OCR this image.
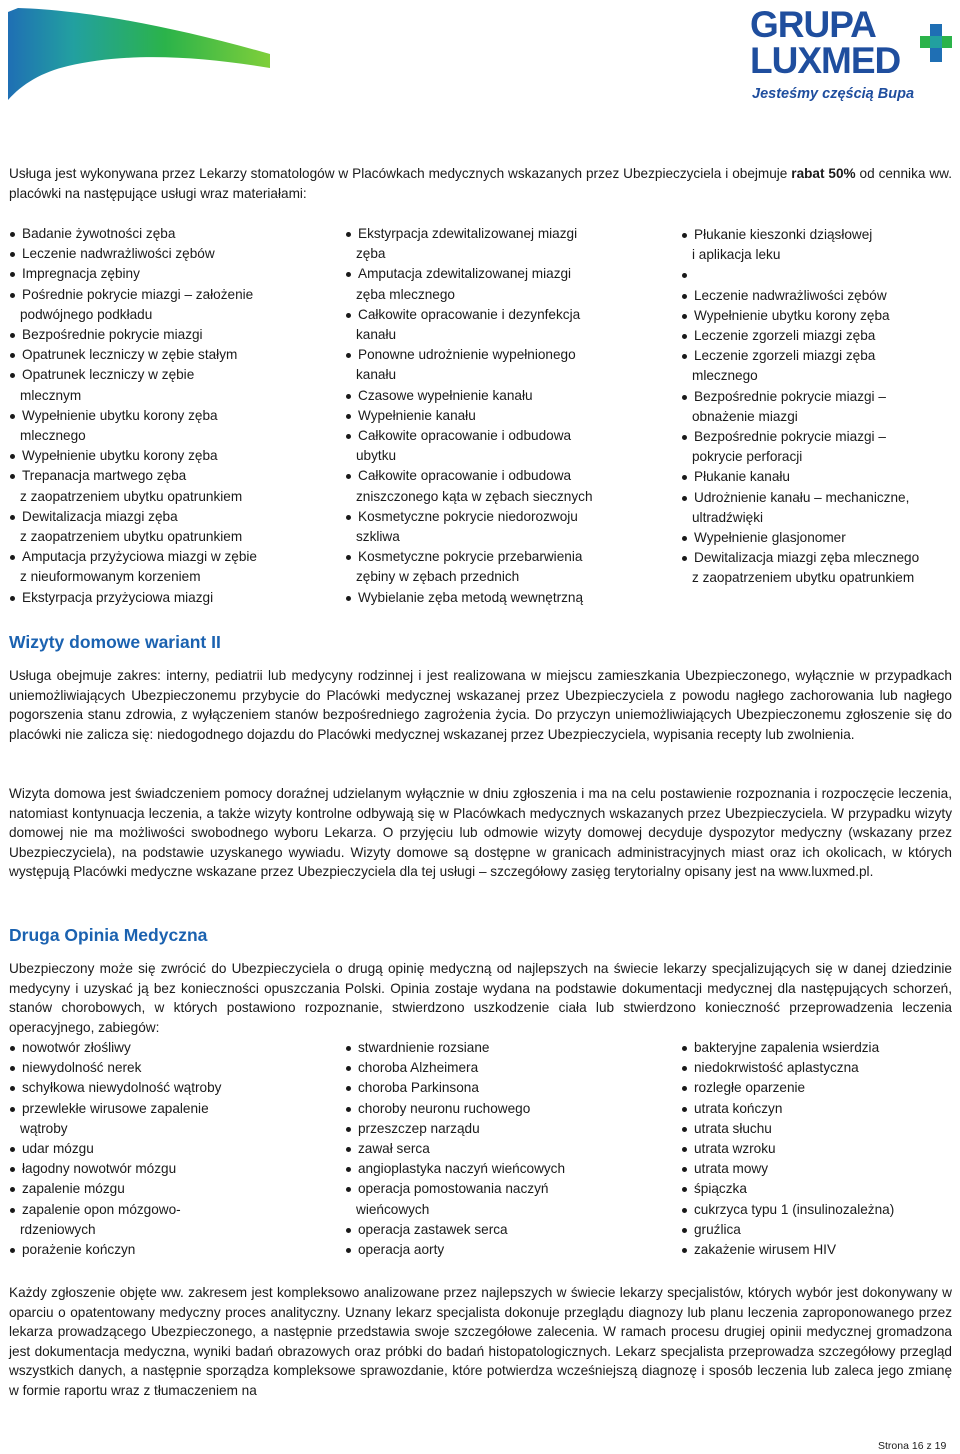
GRUPA
LUXMED
Jesteśmy częścią Bupa
Usługa jest wykonywana przez Lekarzy stomatologów w Placówkach medycznych wskazanych przez Ubezpieczyciela i obejmuje rabat 50% od cennika ww. placówki na następujące usługi wraz materiałami:
Badanie żywotności zęba
Leczenie nadwrażliwości zębów
Impregnacja zębiny
Pośrednie pokrycie miazgi – założenie
podwójnego podkładu
Bezpośrednie pokrycie miazgi
Opatrunek leczniczy w zębie stałym
Opatrunek leczniczy w zębie
mlecznym
Wypełnienie ubytku korony zęba
mlecznego
Wypełnienie ubytku korony zęba
Trepanacja martwego zęba
z zaopatrzeniem ubytku opatrunkiem
Dewitalizacja miazgi zęba
z zaopatrzeniem ubytku opatrunkiem
Amputacja przyżyciowa miazgi w zębie
z nieuformowanym korzeniem
Ekstyrpacja przyżyciowa miazgi
Ekstyrpacja zdewitalizowanej miazgi
zęba
Amputacja zdewitalizowanej miazgi
zęba mlecznego
Całkowite opracowanie i dezynfekcja
kanału
Ponowne udrożnienie wypełnionego
kanału
Czasowe wypełnienie kanału
Wypełnienie kanału
Całkowite opracowanie i odbudowa
ubytku
Całkowite opracowanie i odbudowa
zniszczonego kąta w zębach siecznych
Kosmetyczne pokrycie niedorozwoju
szkliwa
Kosmetyczne pokrycie przebarwienia
zębiny w zębach przednich
Wybielanie zęba metodą wewnętrzną
Płukanie kieszonki dziąsłowej
i aplikacja leku
Leczenie nadwrażliwości zębów
Wypełnienie ubytku korony zęba
Leczenie zgorzeli miazgi zęba
Leczenie zgorzeli miazgi zęba
mlecznego
Bezpośrednie pokrycie miazgi –
obnażenie miazgi
Bezpośrednie pokrycie miazgi –
pokrycie perforacji
Płukanie kanału
Udrożnienie kanału – mechaniczne,
ultradźwięki
Wypełnienie glasjonomer
Dewitalizacja miazgi zęba mlecznego
z zaopatrzeniem ubytku opatrunkiem
Wizyty domowe wariant II
Usługa obejmuje zakres: interny, pediatrii lub medycyny rodzinnej i jest realizowana w miejscu zamieszkania Ubezpieczonego, wyłącznie w przypadkach uniemożliwiających Ubezpieczonemu przybycie do Placówki medycznej wskazanej przez Ubezpieczyciela z powodu nagłego zachorowania lub nagłego pogorszenia stanu zdrowia, z wyłączeniem stanów bezpośredniego zagrożenia życia. Do przyczyn uniemożliwiających Ubezpieczonemu zgłoszenie się do placówki nie zalicza się: niedogodnego dojazdu do Placówki medycznej wskazanej przez Ubezpieczyciela, wypisania recepty lub zwolnienia.
Wizyta domowa jest świadczeniem pomocy doraźnej udzielanym wyłącznie w dniu zgłoszenia i ma na celu postawienie rozpoznania i rozpoczęcie leczenia, natomiast kontynuacja leczenia, a także wizyty kontrolne odbywają się w Placówkach medycznych wskazanych przez Ubezpieczyciela. W przypadku wizyty domowej nie ma możliwości swobodnego wyboru Lekarza. O przyjęciu lub odmowie wizyty domowej decyduje dyspozytor medyczny (wskazany przez Ubezpieczyciela), na podstawie uzyskanego wywiadu. Wizyty domowe są dostępne w granicach administracyjnych miast oraz ich okolicach, w których występują Placówki medyczne wskazane przez Ubezpieczyciela dla tej usługi – szczegółowy zasięg terytorialny opisany jest na www.luxmed.pl.
Druga Opinia Medyczna
Ubezpieczony może się zwrócić do Ubezpieczyciela o drugą opinię medyczną od najlepszych na świecie lekarzy specjalizujących się w danej dziedzinie medycyny i uzyskać ją bez konieczności opuszczania Polski. Opinia zostaje wydana na podstawie dokumentacji medycznej dla następujących schorzeń, stanów chorobowych, w których postawiono rozpoznanie, stwierdzono uszkodzenie ciała lub stwierdzono konieczność przeprowadzenia leczenia operacyjnego, zabiegów:
nowotwór złośliwy
niewydolność nerek
schyłkowa niewydolność wątroby
przewlekłe wirusowe zapalenie
wątroby
udar mózgu
łagodny nowotwór mózgu
zapalenie mózgu
zapalenie opon mózgowo-
rdzeniowych
porażenie kończyn
stwardnienie rozsiane
choroba Alzheimera
choroba Parkinsona
choroby neuronu ruchowego
przeszczep narządu
zawał serca
angioplastyka naczyń wieńcowych
operacja pomostowania naczyń
wieńcowych
operacja zastawek serca
operacja aorty
bakteryjne zapalenia wsierdzia
niedokrwistość aplastyczna
rozległe oparzenie
utrata kończyn
utrata słuchu
utrata wzroku
utrata mowy
śpiączka
cukrzyca typu 1 (insulinozależna)
gruźlica
zakażenie wirusem HIV
Każdy zgłoszenie objęte ww. zakresem jest kompleksowo analizowane przez najlepszych w świecie lekarzy specjalistów, których wybór jest dokonywany w oparciu o opatentowany medyczny proces analityczny. Uznany lekarz specjalista dokonuje przeglądu diagnozy lub planu leczenia zaproponowanego przez lekarza prowadzącego Ubezpieczonego, a następnie przedstawia swoje szczegółowe zalecenia. W ramach procesu drugiej opinii medycznej gromadzona jest dokumentacja medyczna, wyniki badań obrazowych oraz próbki do badań histopatologicznych. Lekarz specjalista przeprowadza szczegółowy przegląd wszystkich danych, a następnie sporządza kompleksowe sprawozdanie, które potwierdza wcześniejszą diagnozę i sposób leczenia lub zaleca jego zmianę w formie raportu wraz z tłumaczeniem na
Strona 16 z 19
